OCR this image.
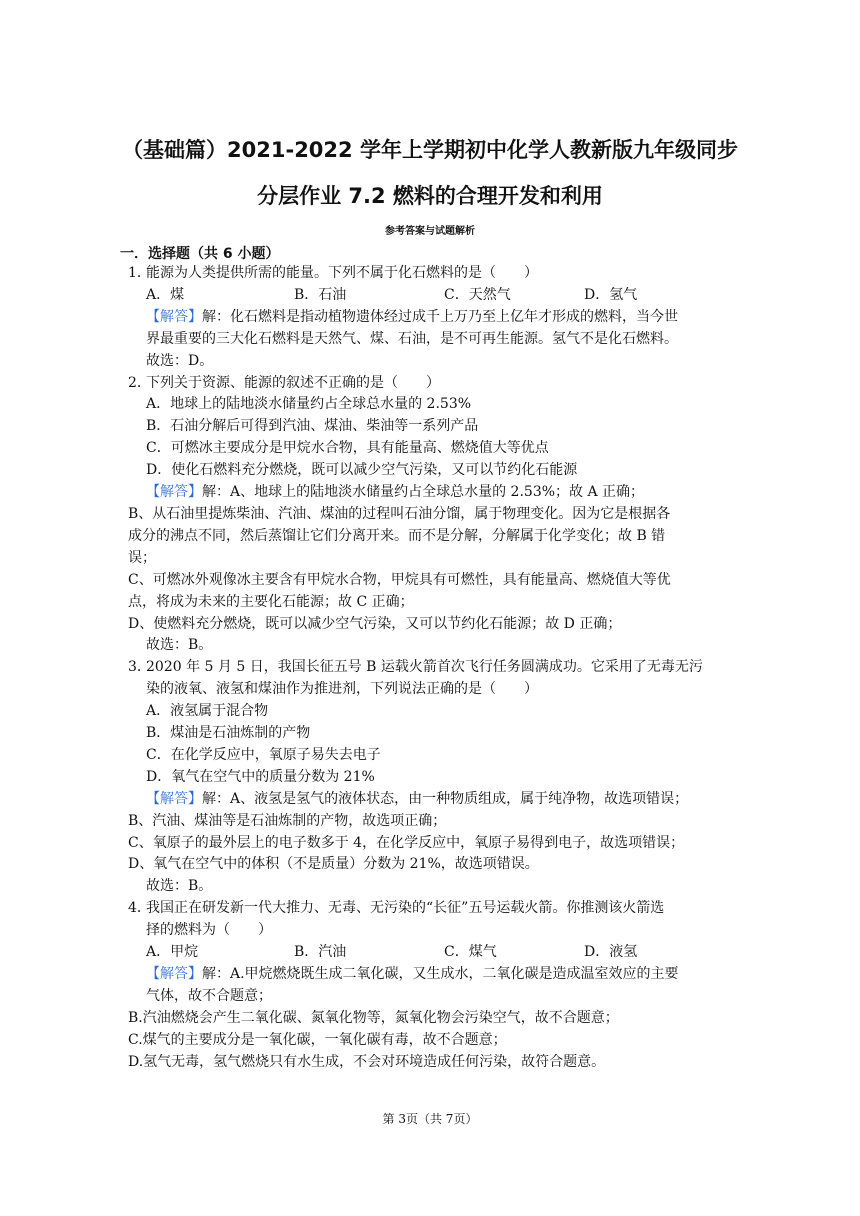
（基础篇）2021-2022 学年上学期初中化学人教新版九年级同步
分层作业 7.2 燃料的合理开发和利用
参考答案与试题解析
一．选择题（共 6 小题）
1．
能源为人类提供所需的能量。下列不属于化石燃料的是（　　）
A．煤	B．石油	C．天然气	D．氢气
【解答】解：化石燃料是指动植物遗体经过成千上万乃至上亿年才形成的燃料，当今世
界最重要的三大化石燃料是天然气、煤、石油，是不可再生能源。氢气不是化石燃料。
故选：D。
2．
下列关于资源、能源的叙述不正确的是（　　）
A．地球上的陆地淡水储量约占全球总水量的 2.53%
B．石油分解后可得到汽油、煤油、柴油等一系列产品
C．可燃冰主要成分是甲烷水合物，具有能量高、燃烧值大等优点
D．使化石燃料充分燃烧，既可以减少空气污染，又可以节约化石能源
【解答】解：A、地球上的陆地淡水储量约占全球总水量的 2.53%；故 A 正确；
B、从石油里提炼柴油、汽油、煤油的过程叫石油分馏，属于物理变化。因为它是根据各
成分的沸点不同，然后蒸馏让它们分离开来。而不是分解，分解属于化学变化；故 B 错
误；
C、可燃冰外观像冰主要含有甲烷水合物，甲烷具有可燃性，具有能量高、燃烧值大等优
点，将成为未来的主要化石能源；故 C 正确；
D、使燃料充分燃烧，既可以减少空气污染，又可以节约化石能源；故 D 正确；
故选：B。
3．
2020 年 5 月 5 日，我国长征五号 B 运载火箭首次飞行任务圆满成功。它采用了无毒无污
染的液氧、液氢和煤油作为推进剂，下列说法正确的是（　　）
A．液氢属于混合物
B．煤油是石油炼制的产物
C．在化学反应中，氧原子易失去电子
D．氧气在空气中的质量分数为 21%
【解答】解：A、液氢是氢气的液体状态，由一种物质组成，属于纯净物，故选项错误；
B、汽油、煤油等是石油炼制的产物，故选项正确；
C、氧原子的最外层上的电子数多于 4，在化学反应中，氧原子易得到电子，故选项错误；
D、氧气在空气中的体积（不是质量）分数为 21%，故选项错误。
故选：B。
4．
我国正在研发新一代大推力、无毒、无污染的“长征”五号运载火箭。你推测该火箭选
择的燃料为（　　）
A．甲烷	B．汽油	C．煤气	D．液氢
【解答】解：A.甲烷燃烧既生成二氧化碳，又生成水，二氧化碳是造成温室效应的主要
气体，故不合题意；
B.汽油燃烧会产生二氧化碳、氮氧化物等，氮氧化物会污染空气，故不合题意；
C.煤气的主要成分是一氧化碳，一氧化碳有毒，故不合题意；
D.氢气无毒，氢气燃烧只有水生成，不会对环境造成任何污染，故符合题意。
第 3页（共 7页）
